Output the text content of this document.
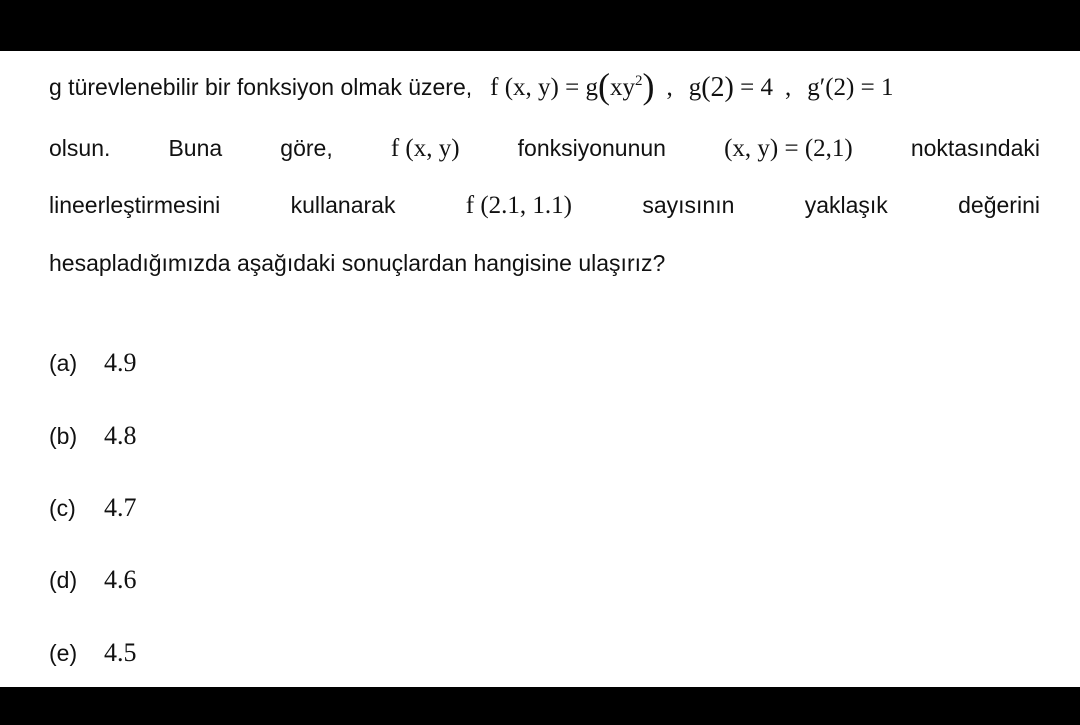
g türevlenebilir bir fonksiyon olmak üzere, f (x, $y) = g(xy^2)$ , g(2) = 4 , g′(2) = 1
olsun.	Buna	göre, f (x, y)	fonksiyonunun (x, y) = (2,1)	noktasındaki
lineerleştirmesini	kullanarak	f (2.1, 1.1)	sayısının	yaklaşık	değerini
hesapladığımızda aşağıdaki sonuçlardan hangisine ulaşırız?
(a)	4.9
(b)	4.8
(c)	4.7
(d)	4.6
(e)	4.5
